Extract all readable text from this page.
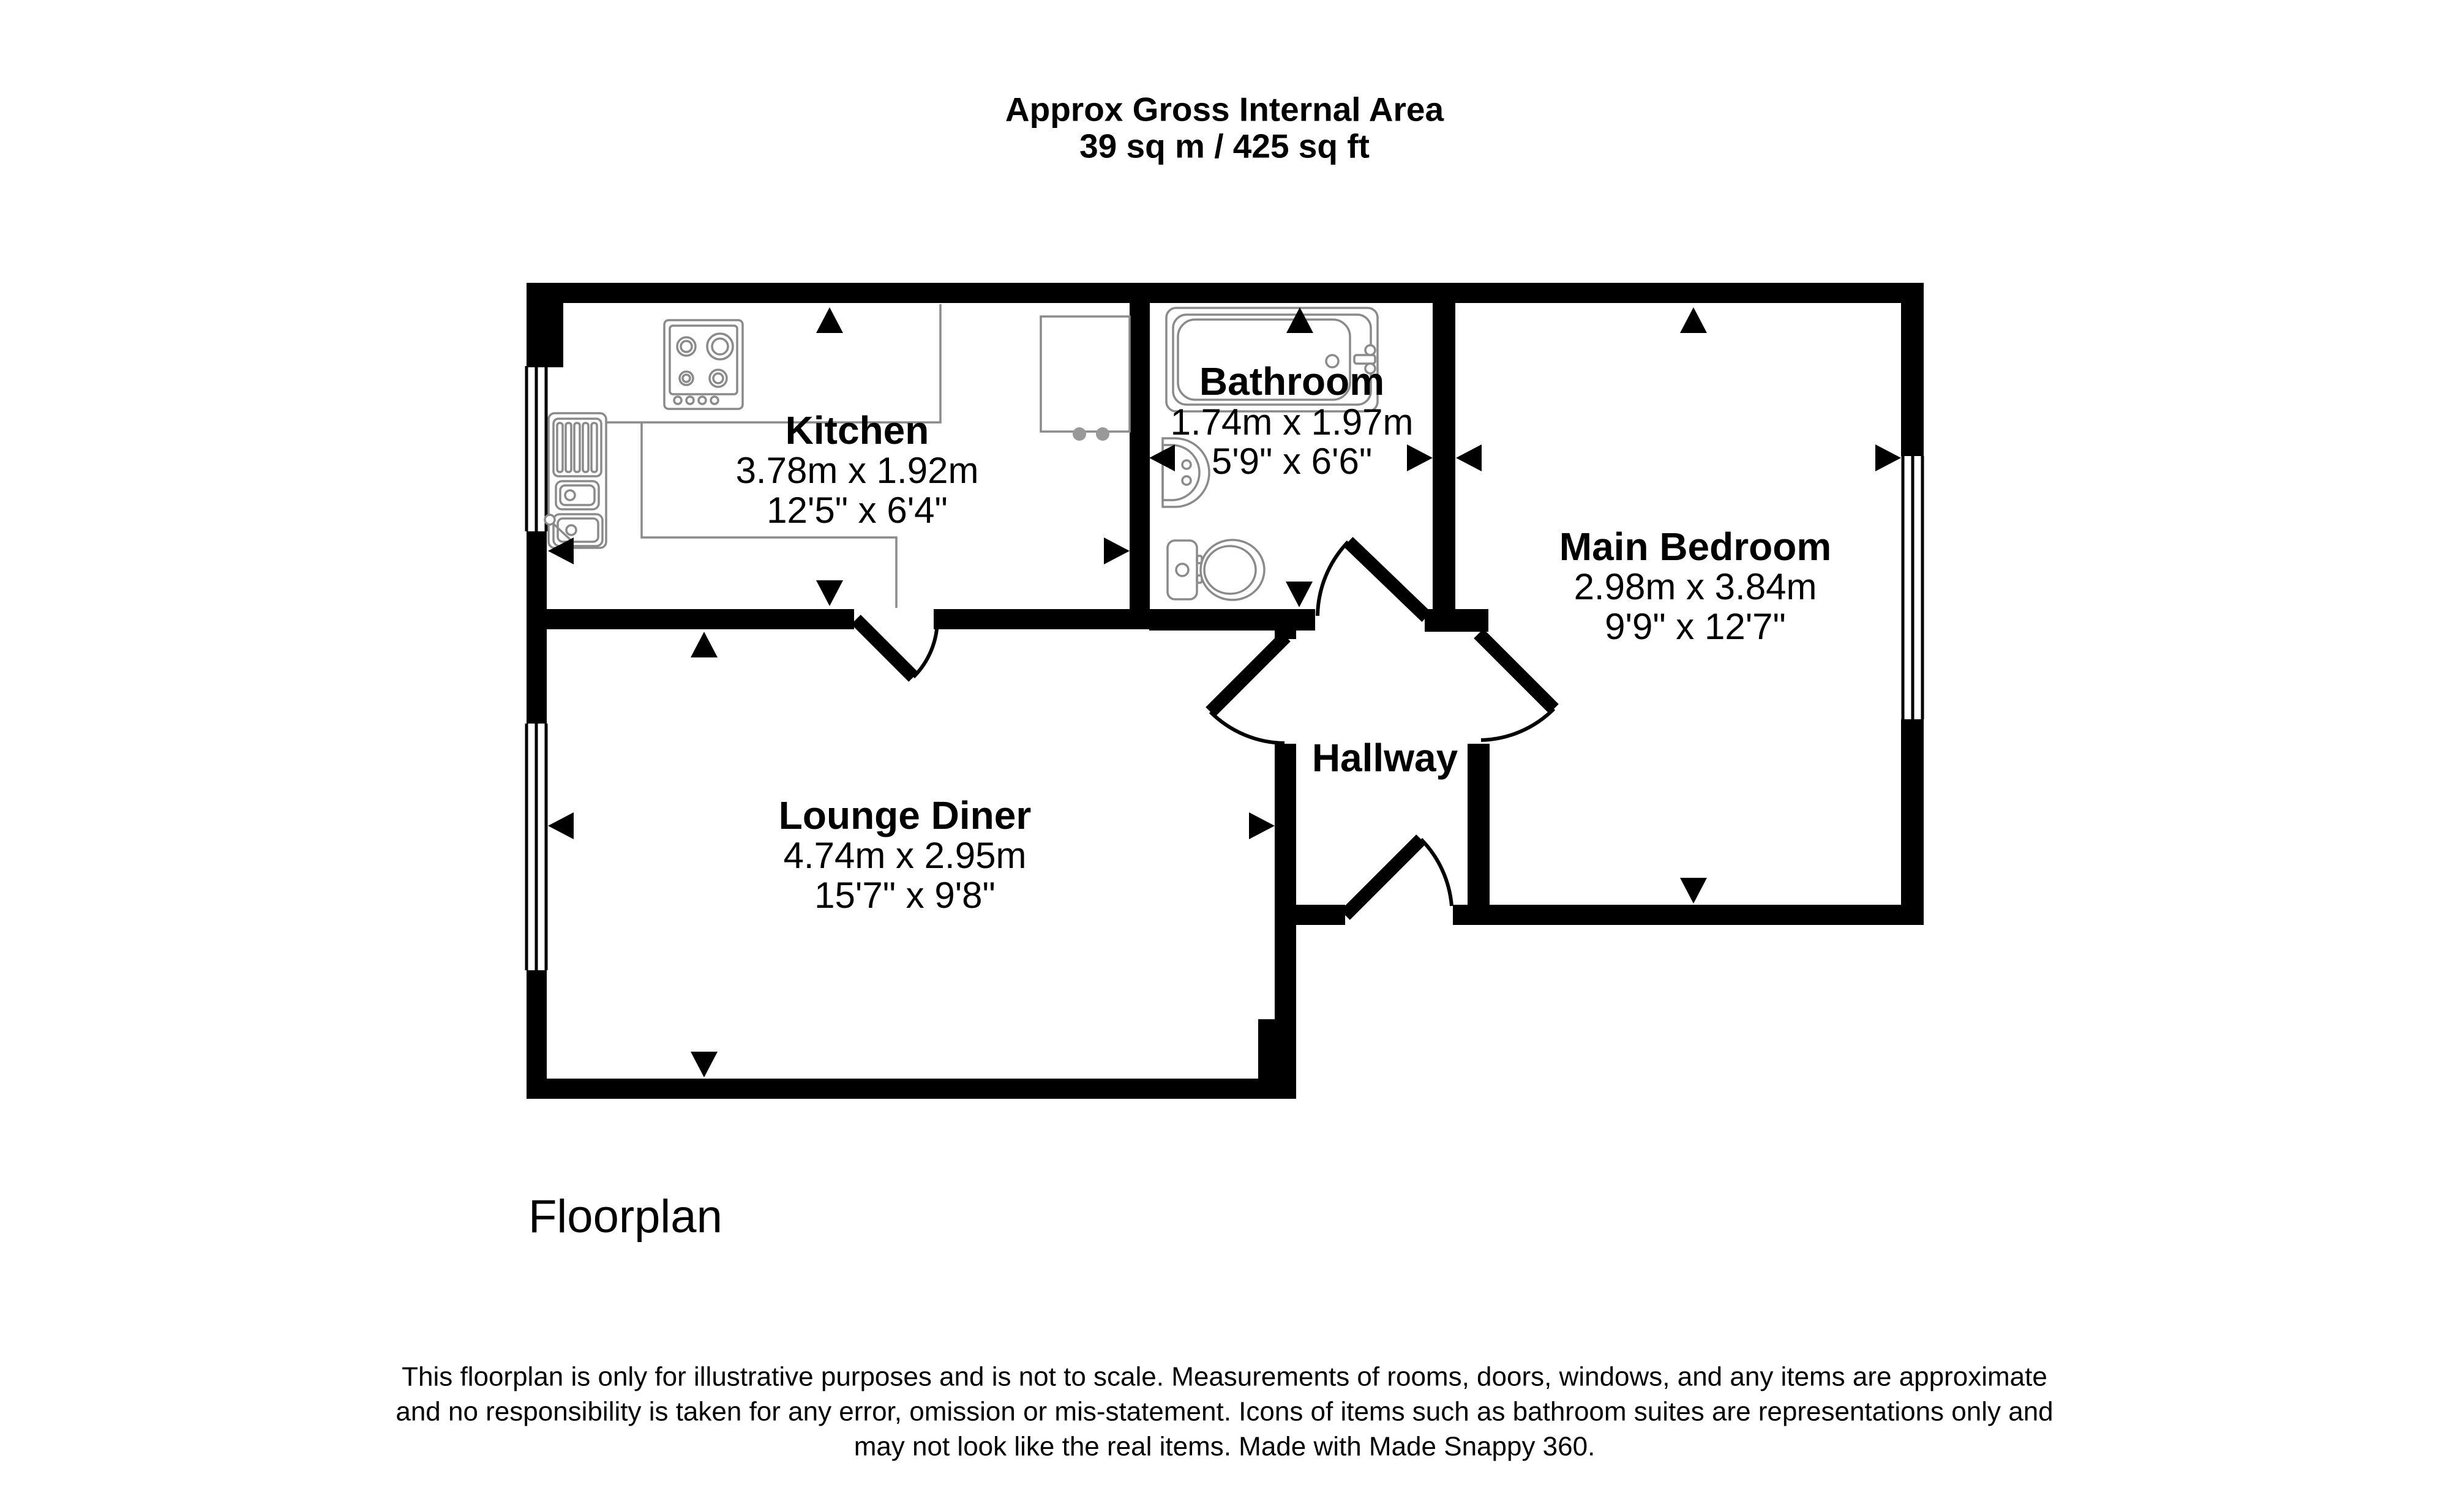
Approx Gross Internal Area
39 sq m / 425 sq ft
Kitchen
3.78m x 1.92m
12'5" x 6'4"
Bathroom
1.74m x 1.97m
5'9" x 6'6"
Main Bedroom
2.98m x 3.84m
9'9" x 12'7"
Lounge Diner
4.74m x 2.95m
15'7" x 9'8"
Hallway
Floorplan
This floorplan is only for illustrative purposes and is not to scale. Measurements of rooms, doors, windows, and any items are approximate
and no responsibility is taken for any error, omission or mis-statement. Icons of items such as bathroom suites are representations only and
may not look like the real items. Made with Made Snappy 360.
